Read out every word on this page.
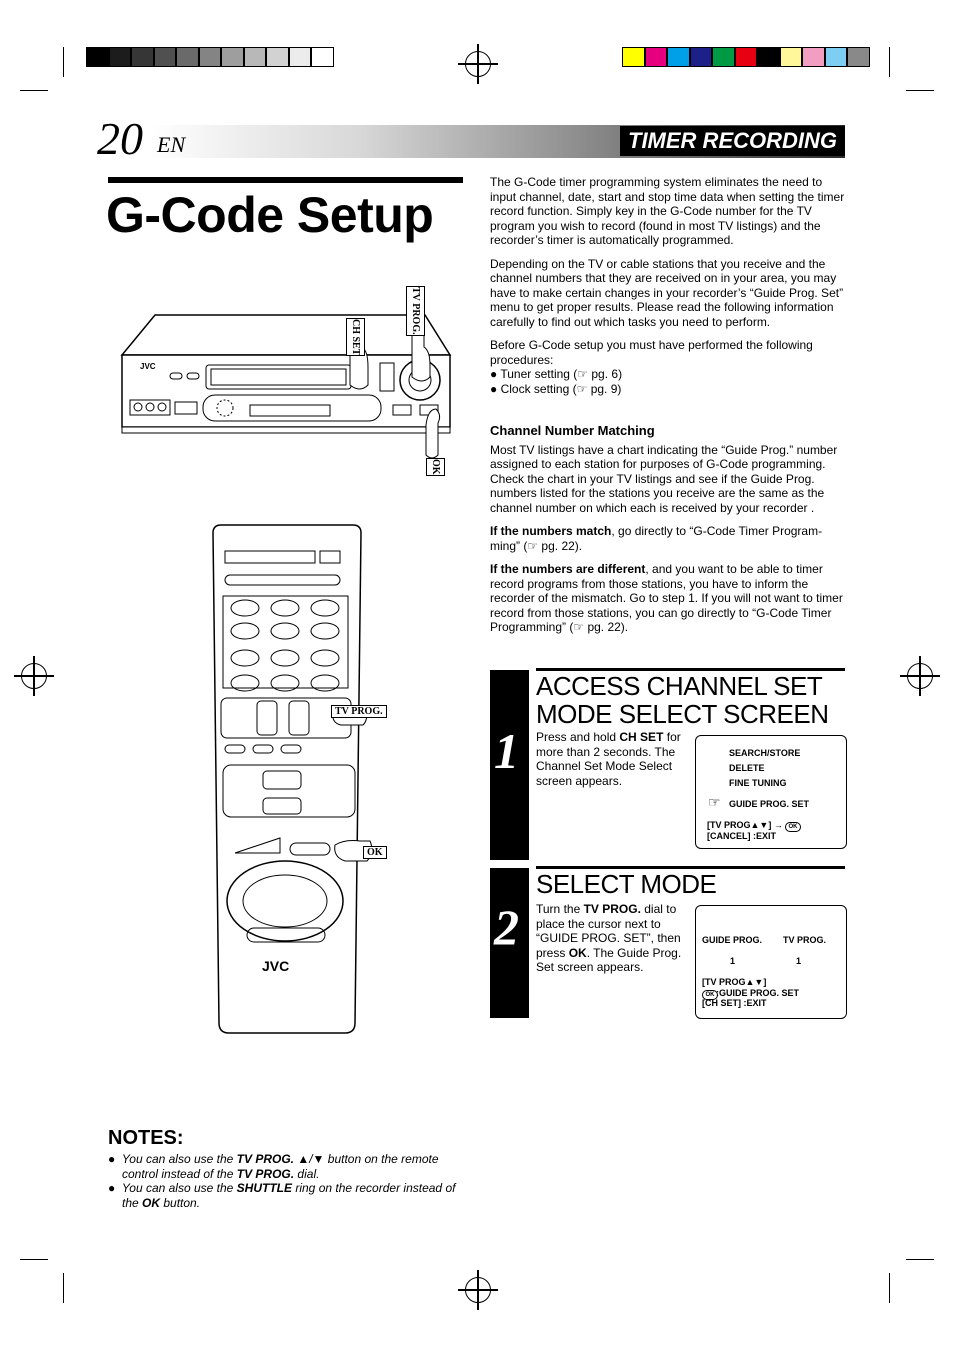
20 EN	TIMER RECORDING
G-Code Setup

The G-Code timer programming system eliminates the need to input channel, date, start and stop time data when setting the timer record function. Simply key in the G-Code number for the TV program you wish to record (found in most TV listings) and the recorder’s timer is automatically programmed.

Depending on the TV or cable stations that you receive and the channel numbers that they are received on in your area, you may have to make certain changes in your recorder’s “Guide Prog. Set” menu to get proper results. Please read the following information carefully to find out which tasks you need to perform.

Before G-Code setup you must have performed the following procedures:

● Tuner setting (☞ pg. 6)
● Clock setting (☞ pg. 9)
Channel Number Matching

Most TV listings have a chart indicating the “Guide Prog.” number assigned to each station for purposes of G-Code programming. Check the chart in your TV listings and see if the Guide Prog. numbers listed for the stations you receive are the same as the channel number on which each is received by your recorder .

If the numbers match, go directly to “G-Code Timer Program-ming” (☞ pg. 22).

If the numbers are different, and you want to be able to timer record programs from those stations, you have to inform the recorder of the mismatch. Go to step 1. If you will not want to timer record from those stations, you can go directly to “G-Code Timer Programming” (☞ pg. 22).

1
ACCESS CHANNEL SET
MODE SELECT SCREEN
Press and hold CH SET for more than 2 seconds. The Channel Set Mode Select screen appears.
SEARCH/STORE
DELETE
FINE TUNING
☞ GUIDE PROG. SET
[TV PROG▲▼] → OK
[CANCEL] :EXIT
2
SELECT MODE
Turn the TV PROG. dial to place the cursor next to “GUIDE PROG. SET”, then press OK. The Guide Prog. Set screen appears.
GUIDE PROG. TV PROG.
1	1
[TV PROG▲▼]
OK :GUIDE PROG. SET
[CH SET] :EXIT
JVC
CH SET
TV PROG.
OK
JVC
TV PROG.
OK
NOTES:
●  You can also use the TV PROG. ▲/▼ button on the remote control instead of the TV PROG. dial.
●  You can also use the SHUTTLE ring on the recorder instead of the OK button.
